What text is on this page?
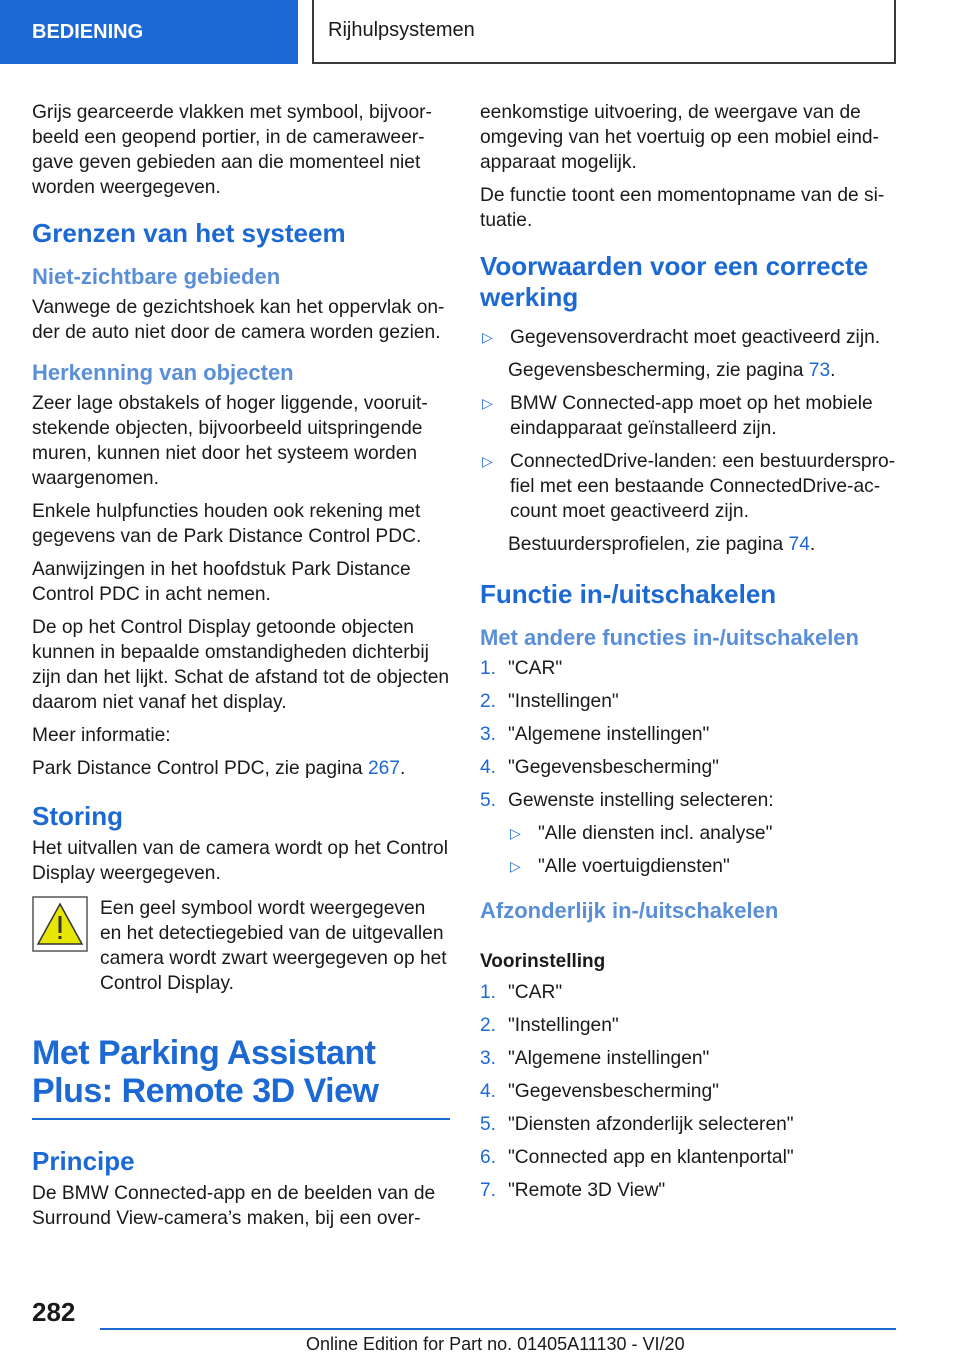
BEDIENING	Rijhulpsystemen

Grijs gearceerde vlakken met symbool, bijvoor-beeld een geopend portier, in de cameraweer-gave geven gebieden aan die momenteel niet worden weergegeven.

Grenzen van het systeem
Niet-zichtbare gebieden

Vanwege de gezichtshoek kan het oppervlak on-der de auto niet door de camera worden gezien.

Herkenning van objecten

Zeer lage obstakels of hoger liggende, vooruit-stekende objecten, bijvoorbeeld uitspringende muren, kunnen niet door het systeem worden waargenomen.

Enkele hulpfuncties houden ook rekening met gegevens van de Park Distance Control PDC.

Aanwijzingen in het hoofdstuk Park Distance Control PDC in acht nemen.

De op het Control Display getoonde objecten kunnen in bepaalde omstandigheden dichterbij zijn dan het lijkt. Schat de afstand tot de objecten daarom niet vanaf het display.

Meer informatie:

Park Distance Control PDC, zie pagina 267.

Storing

Het uitvallen van de camera wordt op het Control Display weergegeven.

Een geel symbool wordt weergegeven en het detectiegebied van de uitgevallen camera wordt zwart weergegeven op het Control Display.
Met Parking Assistant Plus: Remote 3D View
Principe

De BMW Connected-app en de beelden van de Surround View-camera’s maken, bij een over-

eenkomstige uitvoering, de weergave van de omgeving van het voertuig op een mobiel eind-apparaat mogelijk.

De functie toont een momentopname van de si-tuatie.

Voorwaarden voor een correcte werking
▷ Gegevensoverdracht moet geactiveerd zijn.

Gegevensbescherming, zie pagina 73.

▷ BMW Connected-app moet op het mobiele eindapparaat geïnstalleerd zijn.
▷ ConnectedDrive-landen: een bestuurderspro-fiel met een bestaande ConnectedDrive-ac-count moet geactiveerd zijn.

Bestuurdersprofielen, zie pagina 74.

Functie in-/uitschakelen
Met andere functies in-/uitschakelen
1. "CAR"
2. "Instellingen"
3. "Algemene instellingen"
4. "Gegevensbescherming"
5. Gewenste instelling selecteren:
▷ "Alle diensten incl. analyse"
▷ "Alle voertuigdiensten"
Afzonderlijk in-/uitschakelen
Voorinstelling
1. "CAR"
2. "Instellingen"
3. "Algemene instellingen"
4. "Gegevensbescherming"
5. "Diensten afzonderlijk selecteren"
6. "Connected app en klantenportal"
7. "Remote 3D View"
282
Online Edition for Part no. 01405A11130 - VI/20
